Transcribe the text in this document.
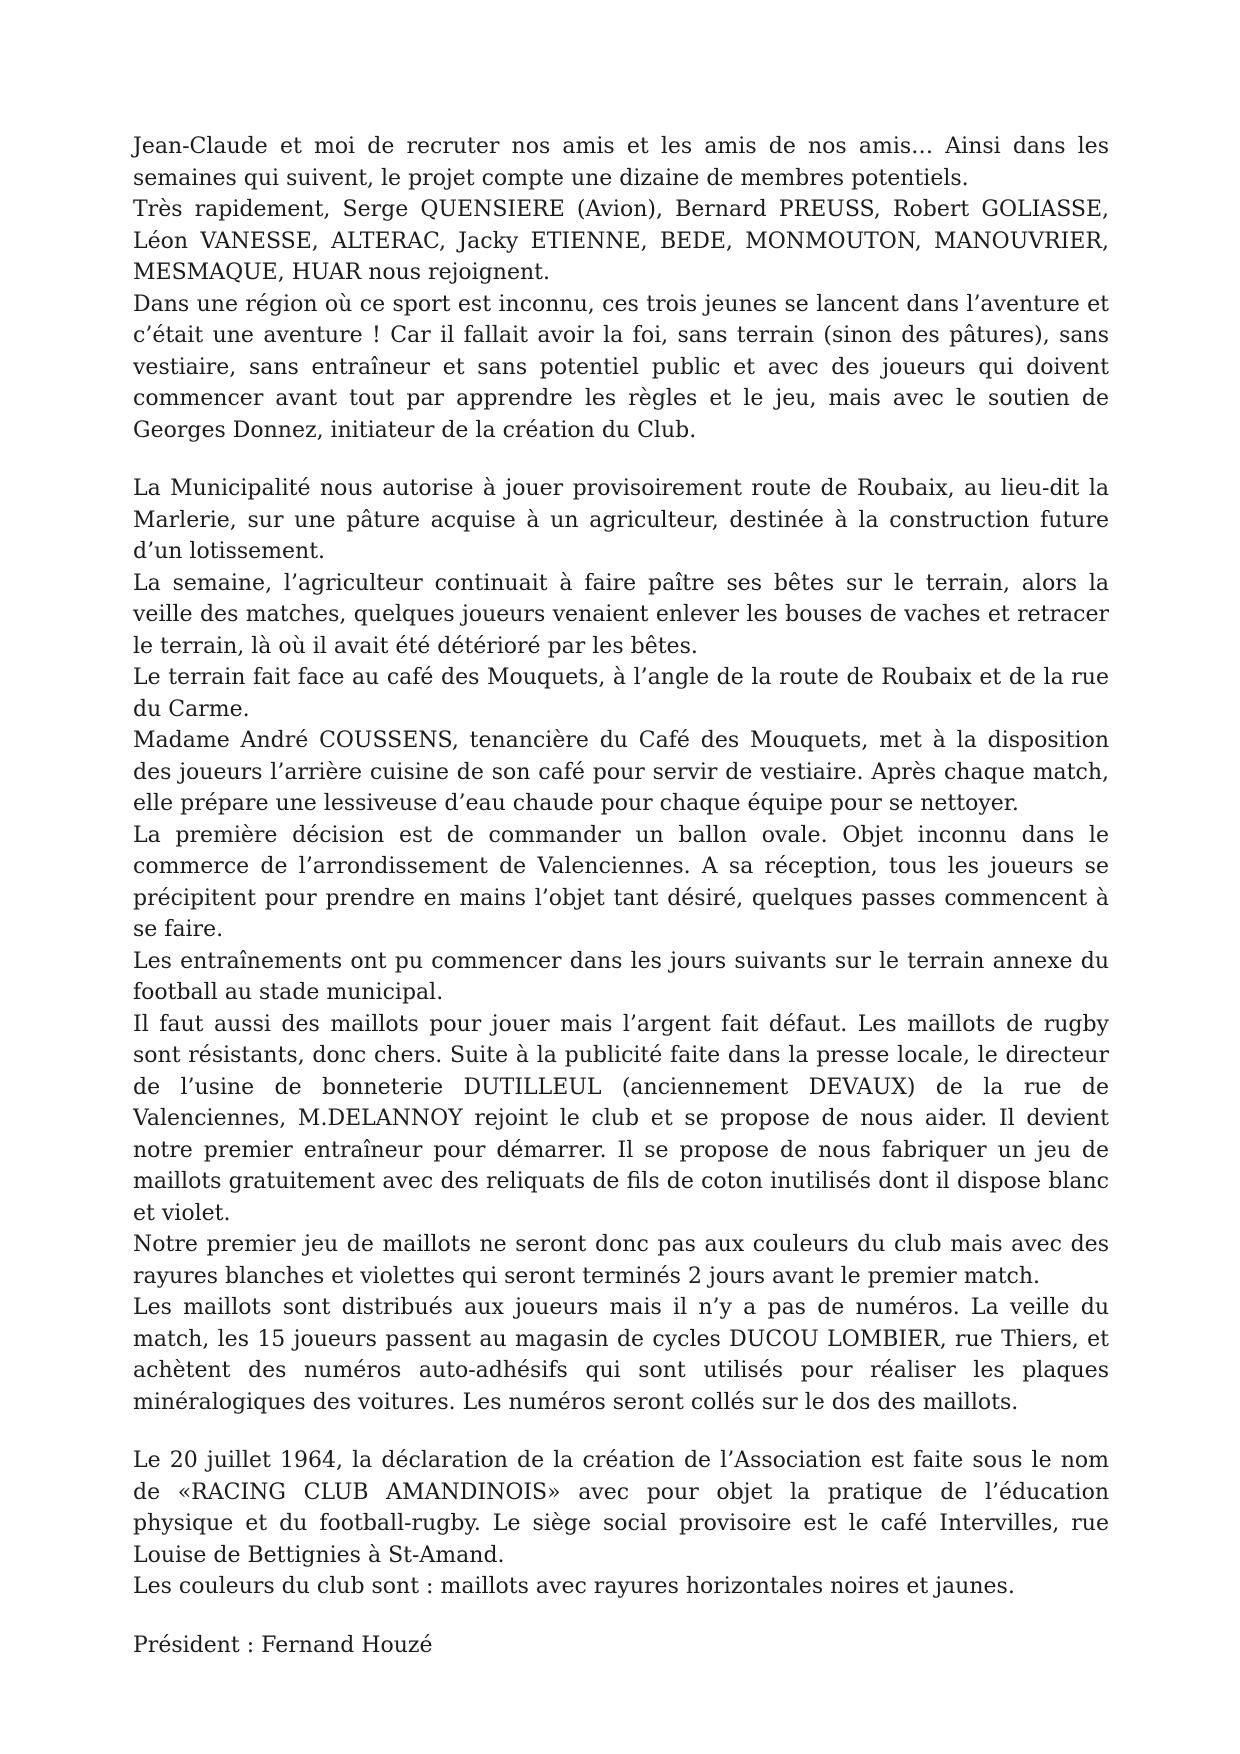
Jean-Claude et moi de recruter nos amis et les amis de nos amis… Ainsi dans les semaines qui suivent, le projet compte une dizaine de membres potentiels.

Très rapidement, Serge QUENSIERE (Avion), Bernard PREUSS, Robert GOLIASSE, Léon VANESSE, ALTERAC, Jacky ETIENNE, BEDE, MONMOUTON, MANOUVRIER, MESMAQUE, HUAR nous rejoignent.

Dans une région où ce sport est inconnu, ces trois jeunes se lancent dans l’aventure et c’était une aventure ! Car il fallait avoir la foi, sans terrain (sinon des pâtures), sans vestiaire, sans entraîneur et sans potentiel public et avec des joueurs qui doivent commencer avant tout par apprendre les règles et le jeu, mais avec le soutien de Georges Donnez, initiateur de la création du Club.

La Municipalité nous autorise à jouer provisoirement route de Roubaix, au lieu-dit la Marlerie, sur une pâture acquise à un agriculteur, destinée à la construction future d’un lotissement.

La semaine, l’agriculteur continuait à faire paître ses bêtes sur le terrain, alors la veille des matches, quelques joueurs venaient enlever les bouses de vaches et retracer le terrain, là où il avait été détérioré par les bêtes.

Le terrain fait face au café des Mouquets, à l’angle de la route de Roubaix et de la rue du Carme.

Madame André COUSSENS, tenancière du Café des Mouquets, met à la disposition des joueurs l’arrière cuisine de son café pour servir de vestiaire. Après chaque match, elle prépare une lessiveuse d’eau chaude pour chaque équipe pour se nettoyer.

La première décision est de commander un ballon ovale. Objet inconnu dans le commerce de l’arrondissement de Valenciennes. A sa réception, tous les joueurs se précipitent pour prendre en mains l’objet tant désiré, quelques passes commencent à se faire.

Les entraînements ont pu commencer dans les jours suivants sur le terrain annexe du football au stade municipal.

Il faut aussi des maillots pour jouer mais l’argent fait défaut. Les maillots de rugby sont résistants, donc chers. Suite à la publicité faite dans la presse locale, le directeur de l’usine de bonneterie DUTILLEUL (anciennement DEVAUX) de la rue de Valenciennes, M.DELANNOY rejoint le club et se propose de nous aider. Il devient notre premier entraîneur pour démarrer. Il se propose de nous fabriquer un jeu de maillots gratuitement avec des reliquats de fils de coton inutilisés dont il dispose blanc et violet.

Notre premier jeu de maillots ne seront donc pas aux couleurs du club mais avec des rayures blanches et violettes qui seront terminés 2 jours avant le premier match.

Les maillots sont distribués aux joueurs mais il n’y a pas de numéros. La veille du match, les 15 joueurs passent au magasin de cycles DUCOU LOMBIER, rue Thiers, et achètent des numéros auto-adhésifs qui sont utilisés pour réaliser les plaques minéralogiques des voitures. Les numéros seront collés sur le dos des maillots.

Le 20 juillet 1964, la déclaration de la création de l’Association est faite sous le nom de «RACING CLUB AMANDINOIS» avec pour objet la pratique de l’éducation physique et du football-rugby. Le siège social provisoire est le café Intervilles, rue Louise de Bettignies à St-Amand.

Les couleurs du club sont : maillots avec rayures horizontales noires et jaunes.

Président : Fernand Houzé
